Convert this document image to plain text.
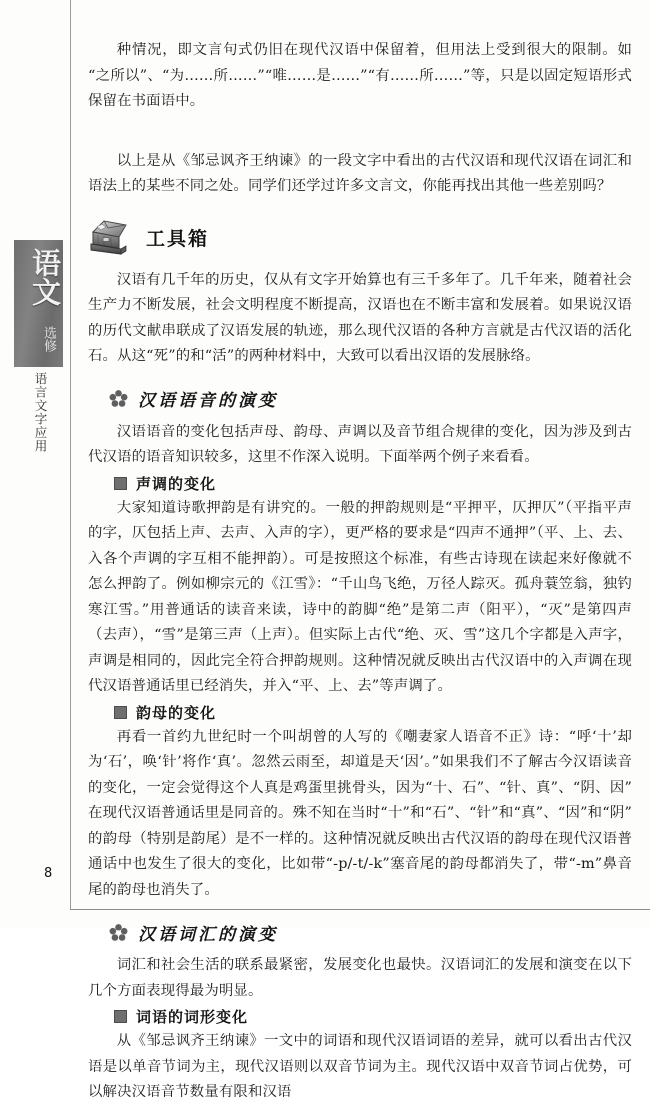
语文
选修
语言文字应用
8

种情况，即文言句式仍旧在现代汉语中保留着，但用法上受到很大的限制。如“之所以”、“为……所……”“唯……是……”“有……所……”等，只是以固定短语形式保留在书面语中。

以上是从《邹忌讽齐王纳谏》的一段文字中看出的古代汉语和现代汉语在词汇和语法上的某些不同之处。同学们还学过许多文言文，你能再找出其他一些差别吗？

工具箱

汉语有几千年的历史，仅从有文字开始算也有三千多年了。几千年来，随着社会生产力不断发展，社会文明程度不断提高，汉语也在不断丰富和发展着。如果说汉语的历代文献串联成了汉语发展的轨迹，那么现代汉语的各种方言就是古代汉语的活化石。从这“死”的和“活”的两种材料中，大致可以看出汉语的发展脉络。

汉语语音的演变

汉语语音的变化包括声母、韵母、声调以及音节组合规律的变化，因为涉及到古代汉语的语音知识较多，这里不作深入说明。下面举两个例子来看看。

声调的变化

大家知道诗歌押韵是有讲究的。一般的押韵规则是“平押平，仄押仄”（平指平声的字，仄包括上声、去声、入声的字），更严格的要求是“四声不通押”（平、上、去、入各个声调的字互相不能押韵）。可是按照这个标准，有些古诗现在读起来好像就不怎么押韵了。例如柳宗元的《江雪》：“千山鸟飞绝，万径人踪灭。孤舟蓑笠翁，独钓寒江雪。”用普通话的读音来读，诗中的韵脚“绝”是第二声（阳平），“灭”是第四声（去声），“雪”是第三声（上声）。但实际上古代“绝、灭、雪”这几个字都是入声字，声调是相同的，因此完全符合押韵规则。这种情况就反映出古代汉语中的入声调在现代汉语普通话里已经消失，并入“平、上、去”等声调了。

韵母的变化

再看一首约九世纪时一个叫胡曾的人写的《嘲妻家人语音不正》诗：“呼‘十’却为‘石’，唤‘针’将作‘真’。忽然云雨至，却道是天‘因’。”如果我们不了解古今汉语读音的变化，一定会觉得这个人真是鸡蛋里挑骨头，因为“十、石”、“针、真”、“阴、因”在现代汉语普通话里是同音的。殊不知在当时“十”和“石”、“针”和“真”、“因”和“阴”的韵母（特别是韵尾）是不一样的。这种情况就反映出古代汉语的韵母在现代汉语普通话中也发生了很大的变化，比如带“-p/-t/-k”塞音尾的韵母都消失了，带“-m”鼻音尾的韵母也消失了。

汉语词汇的演变

词汇和社会生活的联系最紧密，发展变化也最快。汉语词汇的发展和演变在以下几个方面表现得最为明显。

词语的词形变化

从《邹忌讽齐王纳谏》一文中的词语和现代汉语词语的差异，就可以看出古代汉语是以单音节词为主，现代汉语则以双音节词为主。现代汉语中双音节词占优势，可以解决汉语音节数量有限和汉语
